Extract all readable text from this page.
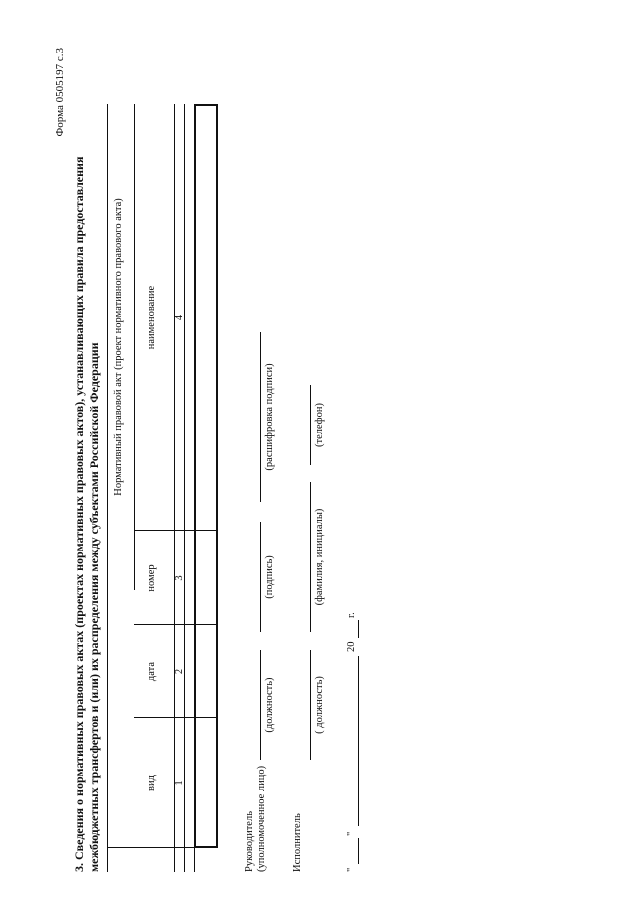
Форма 0505197 с.3
3. Сведения о нормативных правовых актах (проектах нормативных правовых актов), устанавливающих правила предоставления межбюджетных трансфертов и (или) их распределения между субъектами Российской Федерации Нормативный правовой акт (проект нормативного правового акта)
вид
дата
номер
наименование
1
2
3
4
Руководитель (уполномоченное лицо)
(должность)
(подпись)
(расшифровка подписи)
Исполнитель
( должность)
(фамилия, инициалы)
(телефон)
"
"
20
г.
